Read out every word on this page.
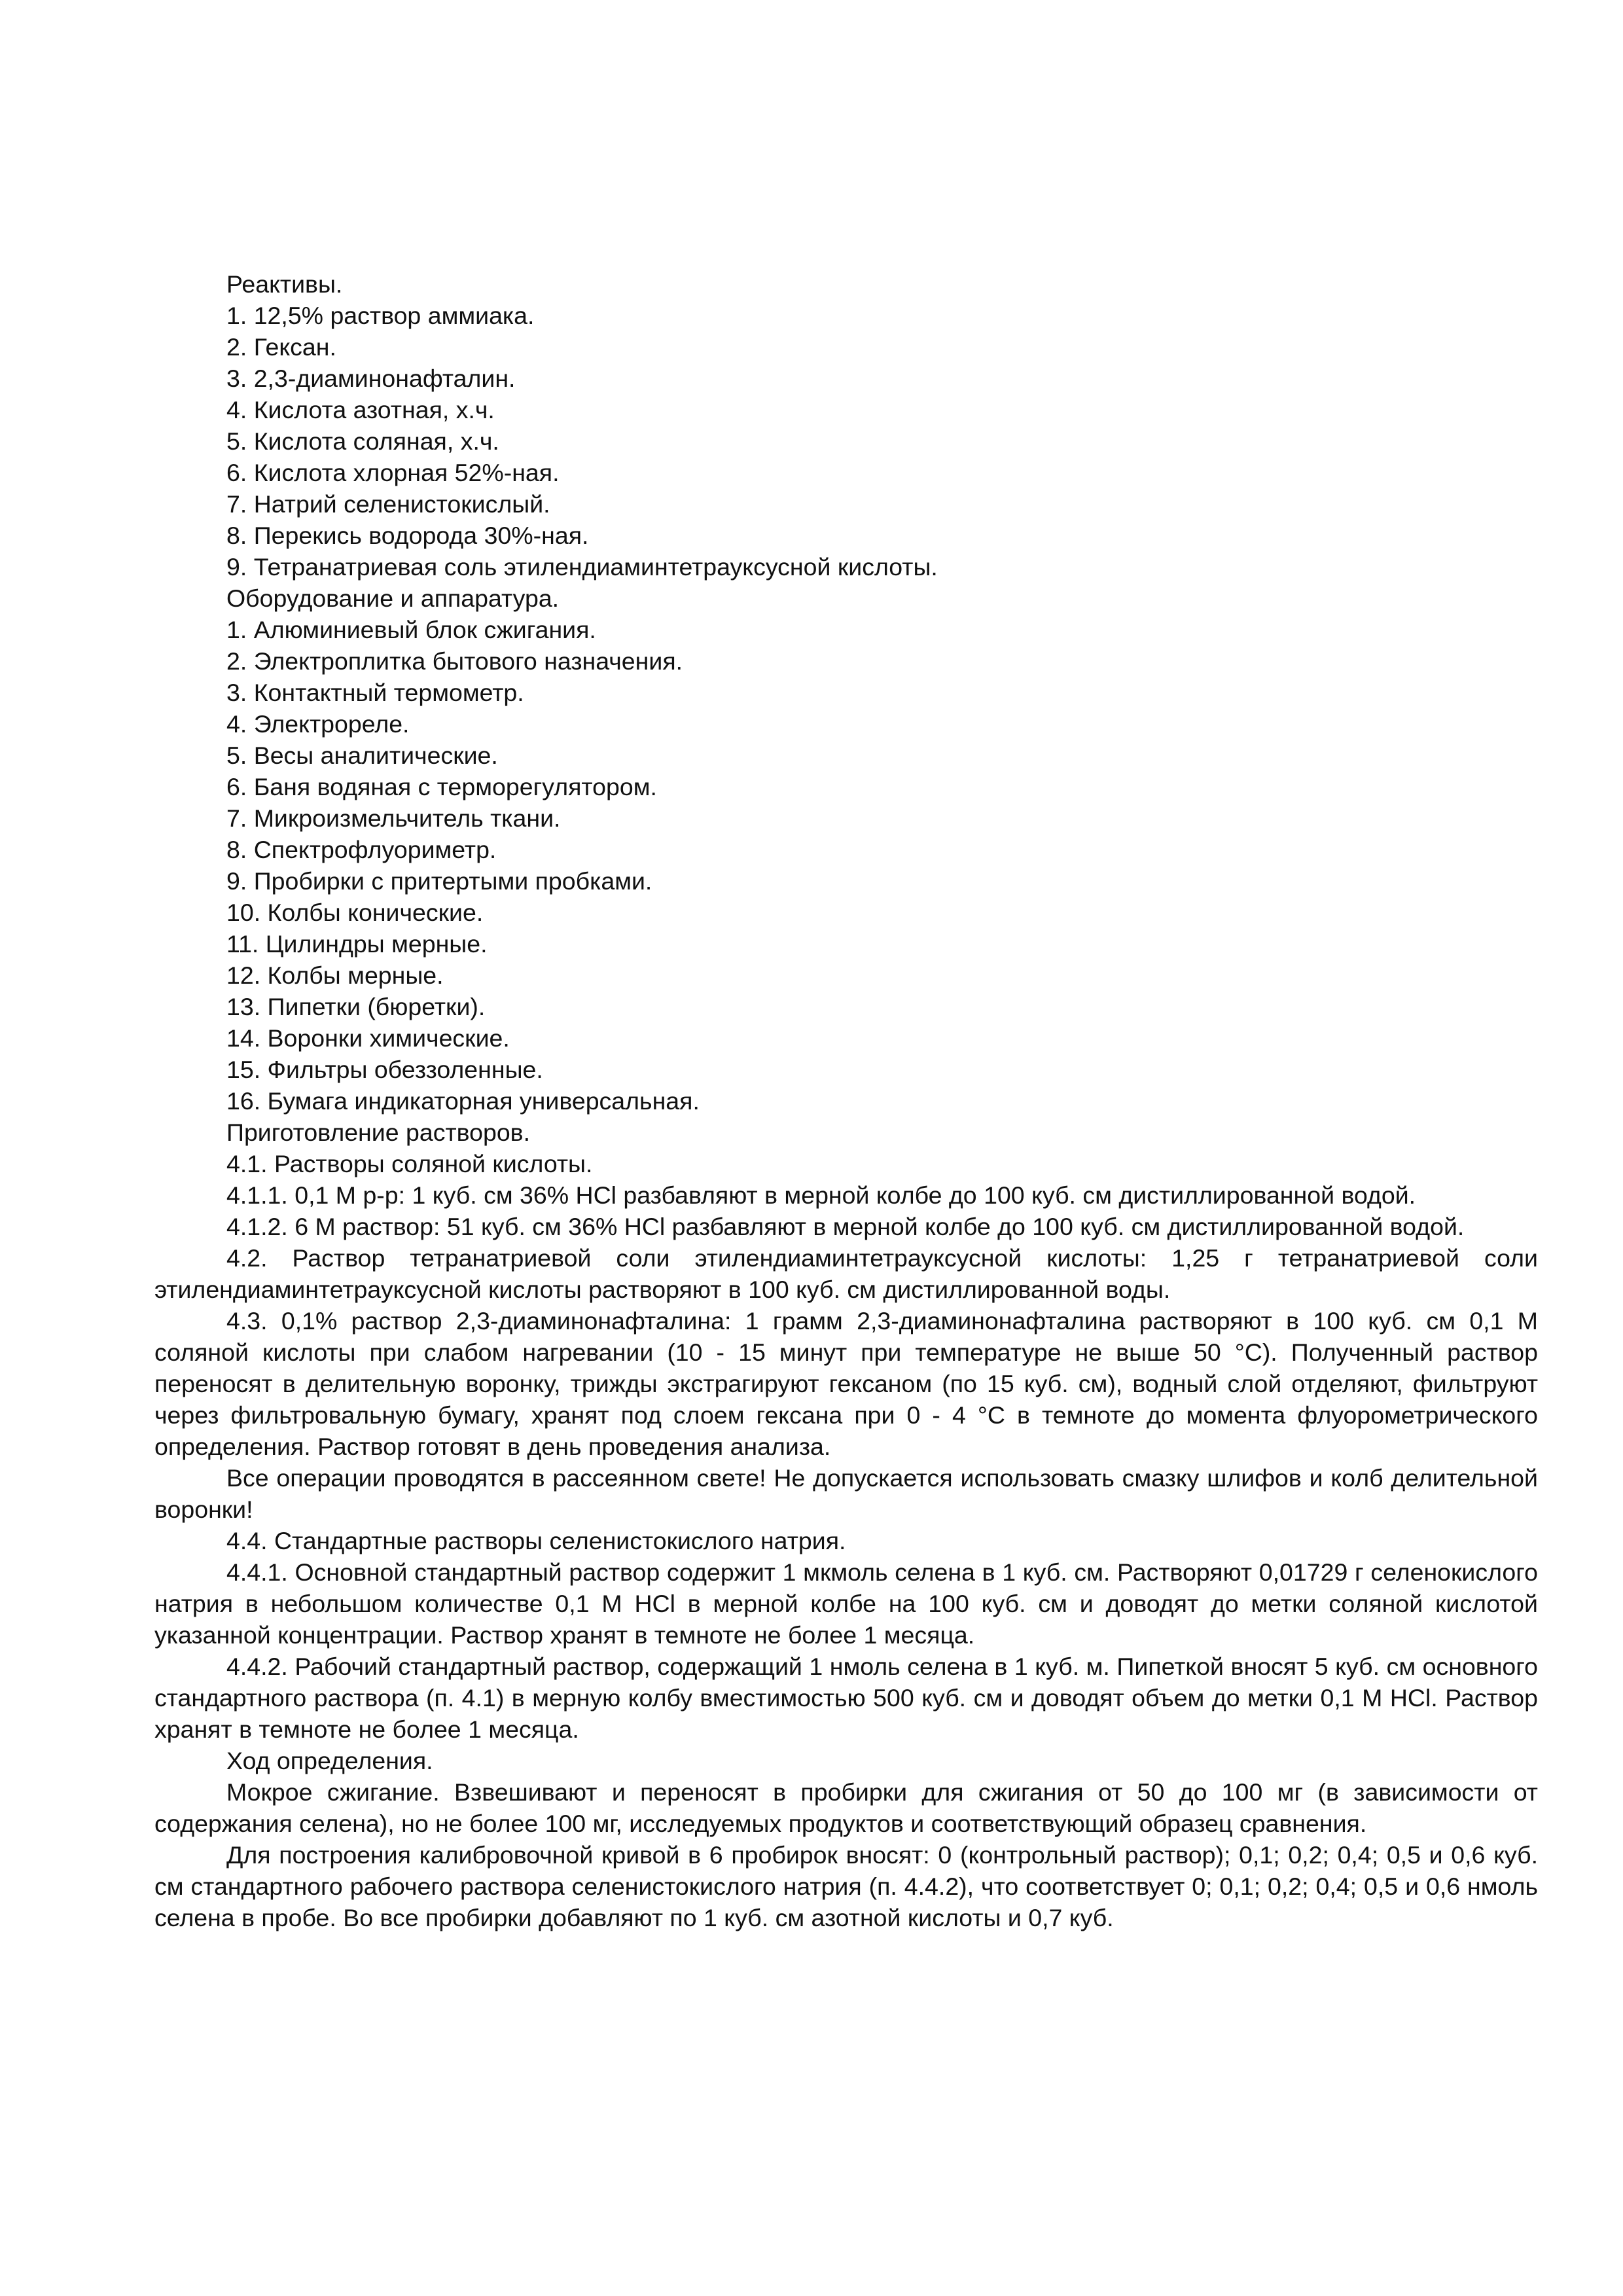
Реактивы.
1. 12,5% раствор аммиака.
2. Гексан.
3. 2,3-диаминонафталин.
4. Кислота азотная, х.ч.
5. Кислота соляная, х.ч.
6. Кислота хлорная 52%-ная.
7. Натрий селенистокислый.
8. Перекись водорода 30%-ная.
9. Тетранатриевая соль этилендиаминтетрауксусной кислоты.
Оборудование и аппаратура.
1. Алюминиевый блок сжигания.
2. Электроплитка бытового назначения.
3. Контактный термометр.
4. Электрореле.
5. Весы аналитические.
6. Баня водяная с терморегулятором.
7. Микроизмельчитель ткани.
8. Спектрофлуориметр.
9. Пробирки с притертыми пробками.
10. Колбы конические.
11. Цилиндры мерные.
12. Колбы мерные.
13. Пипетки (бюретки).
14. Воронки химические.
15. Фильтры обеззоленные.
16. Бумага индикаторная универсальная.
Приготовление растворов.
4.1. Растворы соляной кислоты.
4.1.1. 0,1 М р-р: 1 куб. см 36% HCl разбавляют в мерной колбе до 100 куб. см дистиллированной водой.
4.1.2. 6 М раствор: 51 куб. см 36% HCl разбавляют в мерной колбе до 100 куб. см дистиллированной водой.
4.2. Раствор тетранатриевой соли этилендиаминтетрауксусной кислоты: 1,25 г тетранатриевой соли этилендиаминтетрауксусной кислоты растворяют в 100 куб. см дистиллированной воды.
4.3. 0,1% раствор 2,3-диаминонафталина: 1 грамм 2,3-диаминонафталина растворяют в 100 куб. см 0,1 М соляной кислоты при слабом нагревании (10 - 15 минут при температуре не выше 50 °С). Полученный раствор переносят в делительную воронку, трижды экстрагируют гексаном (по 15 куб. см), водный слой отделяют, фильтруют через фильтровальную бумагу, хранят под слоем гексана при 0 - 4 °С в темноте до момента флуорометрического определения. Раствор готовят в день проведения анализа.
Все операции проводятся в рассеянном свете! Не допускается использовать смазку шлифов и колб делительной воронки!
4.4. Стандартные растворы селенистокислого натрия.
4.4.1. Основной стандартный раствор содержит 1 мкмоль селена в 1 куб. см. Растворяют 0,01729 г селенокислого натрия в небольшом количестве 0,1 М HCl в мерной колбе на 100 куб. см и доводят до метки соляной кислотой указанной концентрации. Раствор хранят в темноте не более 1 месяца.
4.4.2. Рабочий стандартный раствор, содержащий 1 нмоль селена в 1 куб. м. Пипеткой вносят 5 куб. см основного стандартного раствора (п. 4.1) в мерную колбу вместимостью 500 куб. см и доводят объем до метки 0,1 М HCl. Раствор хранят в темноте не более 1 месяца.
Ход определения.
Мокрое сжигание. Взвешивают и переносят в пробирки для сжигания от 50 до 100 мг (в зависимости от содержания селена), но не более 100 мг, исследуемых продуктов и соответствующий образец сравнения.
Для построения калибровочной кривой в 6 пробирок вносят: 0 (контрольный раствор); 0,1; 0,2; 0,4; 0,5 и 0,6 куб. см стандартного рабочего раствора селенистокислого натрия (п. 4.4.2), что соответствует 0; 0,1; 0,2; 0,4; 0,5 и 0,6 нмоль селена в пробе. Во все пробирки добавляют по 1 куб. см азотной кислоты и 0,7 куб.
